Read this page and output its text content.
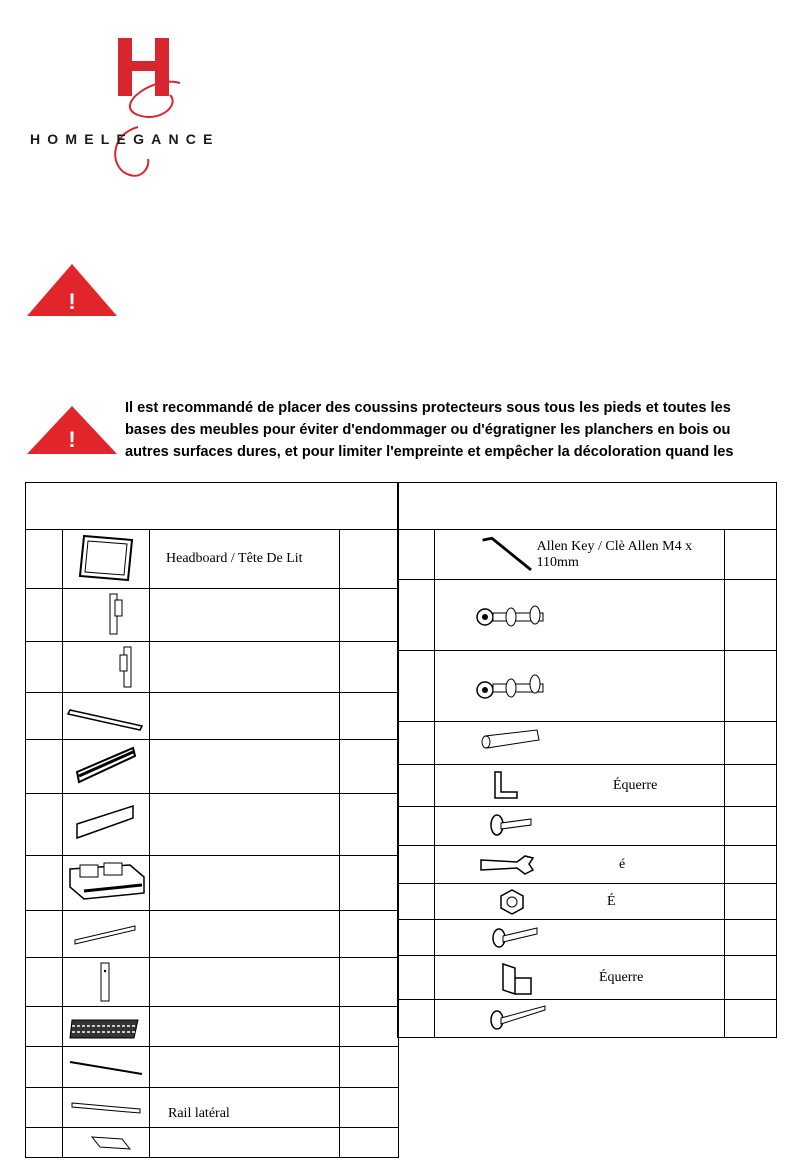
H
HOMELEGANCE
!
!
Il est recommandé de placer des coussins protecteurs sous tous les pieds et toutes les
bases des meubles pour éviter d'endommager ou d'égratigner les planchers en bois ou
autres surfaces dures, et pour limiter l'empreinte et empêcher la décoloration quand les

	Headboard / Tête De Lit	

	Rail latéral	

	Allen Key / Clè Allen M4 x 110mm	

	Équerre	

	é	

	É	

	Équerre	
